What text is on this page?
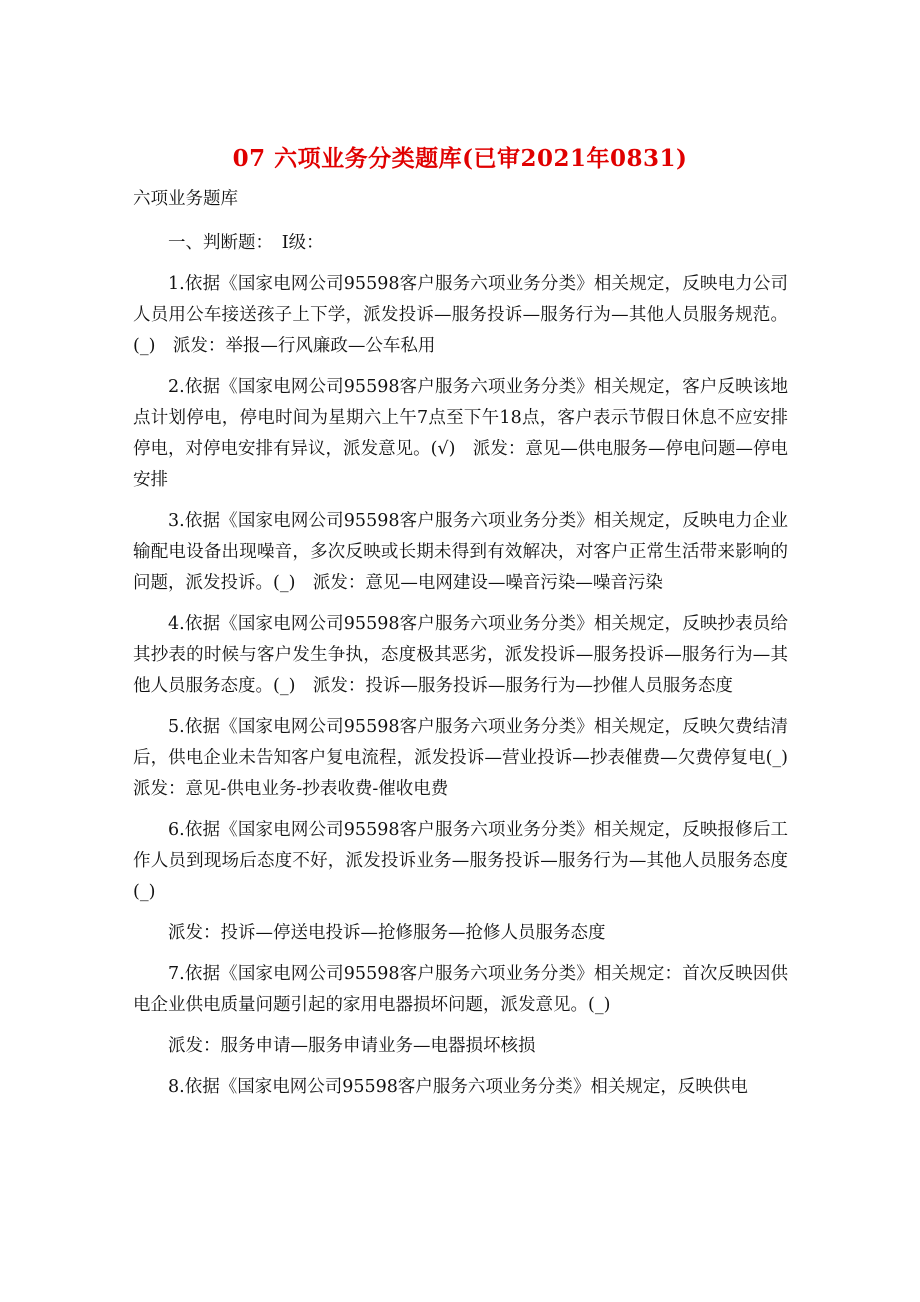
07 六项业务分类题库(已审2021年0831)

六项业务题库

一、判断题：　Ⅰ级：

1.依据《国家电网公司95598客户服务六项业务分类》相关规定，反映电力公司人员用公车接送孩子上下学，派发投诉—服务投诉—服务行为—其他人员服务规范。(_)　派发：举报—行风廉政—公车私用

2.依据《国家电网公司95598客户服务六项业务分类》相关规定，客户反映该地点计划停电，停电时间为星期六上午7点至下午18点，客户表示节假日休息不应安排停电，对停电安排有异议，派发意见。(√)　派发：意见—供电服务—停电问题—停电安排

3.依据《国家电网公司95598客户服务六项业务分类》相关规定，反映电力企业输配电设备出现噪音，多次反映或长期未得到有效解决，对客户正常生活带来影响的问题，派发投诉。(_)　派发：意见—电网建设—噪音污染—噪音污染

4.依据《国家电网公司95598客户服务六项业务分类》相关规定，反映抄表员给其抄表的时候与客户发生争执，态度极其恶劣，派发投诉—服务投诉—服务行为—其他人员服务态度。(_)　派发：投诉—服务投诉—服务行为—抄催人员服务态度

5.依据《国家电网公司95598客户服务六项业务分类》相关规定，反映欠费结清后，供电企业未告知客户复电流程，派发投诉—营业投诉—抄表催费—欠费停复电(_)　派发：意见-供电业务-抄表收费-催收电费

6.依据《国家电网公司95598客户服务六项业务分类》相关规定，反映报修后工作人员到现场后态度不好，派发投诉业务—服务投诉—服务行为—其他人员服务态度(_)

派发：投诉—停送电投诉—抢修服务—抢修人员服务态度

7.依据《国家电网公司95598客户服务六项业务分类》相关规定：首次反映因供电企业供电质量问题引起的家用电器损坏问题，派发意见。(_)

派发：服务申请—服务申请业务—电器损坏核损

8.依据《国家电网公司95598客户服务六项业务分类》相关规定，反映供电
